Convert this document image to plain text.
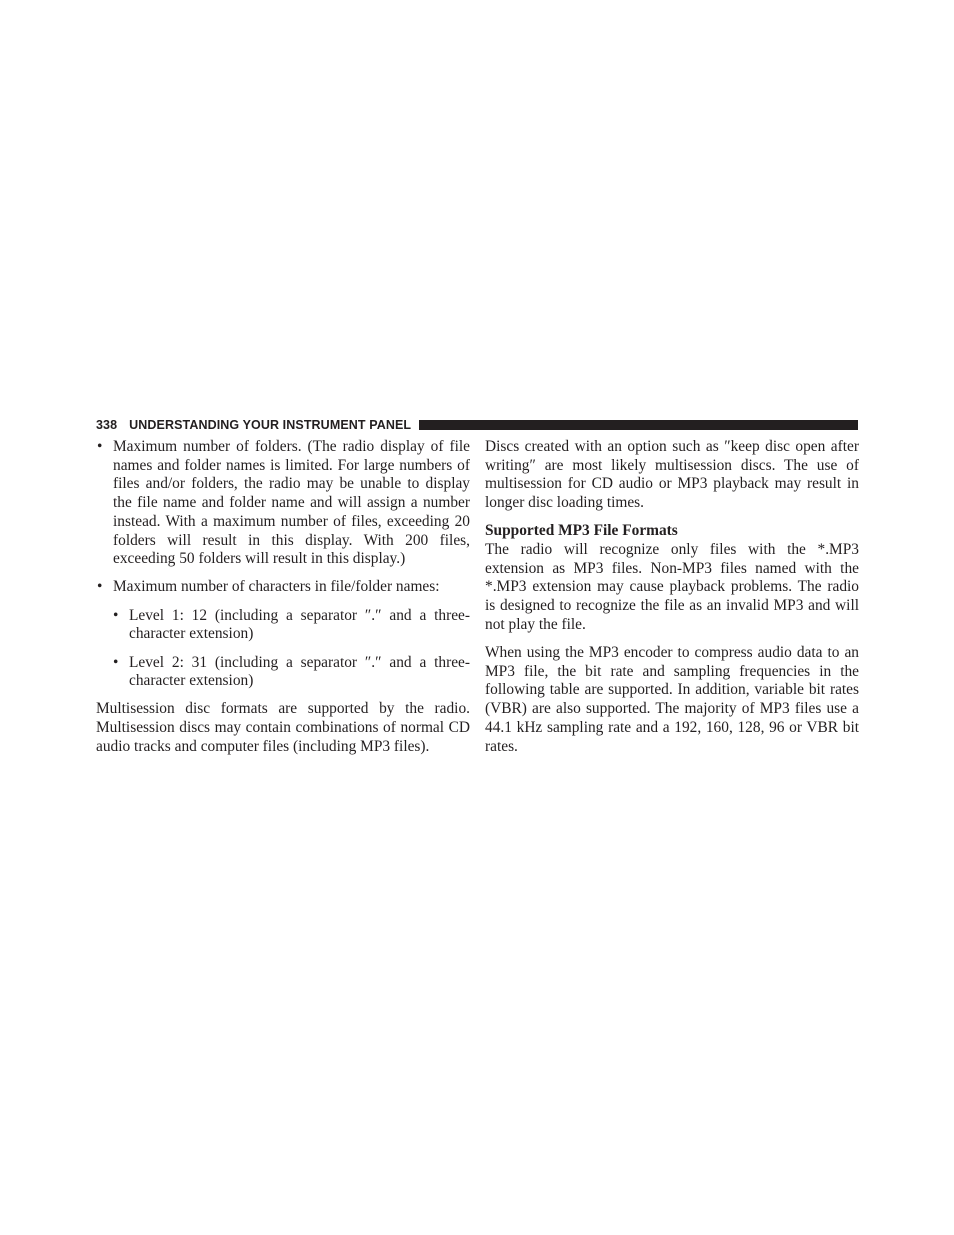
338 UNDERSTANDING YOUR INSTRUMENT PANEL
• Maximum number of folders. (The radio display of file names and folder names is limited. For large numbers of files and/or folders, the radio may be unable to display the file name and folder name and will assign a number instead. With a maximum number of files, exceeding 20 folders will result in this display. With 200 files, exceeding 50 folders will result in this display.)
• Maximum number of characters in file/folder names:
• Level 1: 12 (including a separator ″.″ and a three-character extension)
• Level 2: 31 (including a separator ″.″ and a three-character extension)

Multisession disc formats are supported by the radio. Multisession discs may contain combinations of normal CD audio tracks and computer files (including MP3 files).

Discs created with an option such as ″keep disc open after writing″ are most likely multisession discs. The use of multisession for CD audio or MP3 playback may result in longer disc loading times.

Supported MP3 File Formats

The radio will recognize only files with the *.MP3 extension as MP3 files. Non-MP3 files named with the *.MP3 extension may cause playback problems. The radio is designed to recognize the file as an invalid MP3 and will not play the file.

When using the MP3 encoder to compress audio data to an MP3 file, the bit rate and sampling frequencies in the following table are supported. In addition, variable bit rates (VBR) are also supported. The majority of MP3 files use a 44.1 kHz sampling rate and a 192, 160, 128, 96 or VBR bit rates.
